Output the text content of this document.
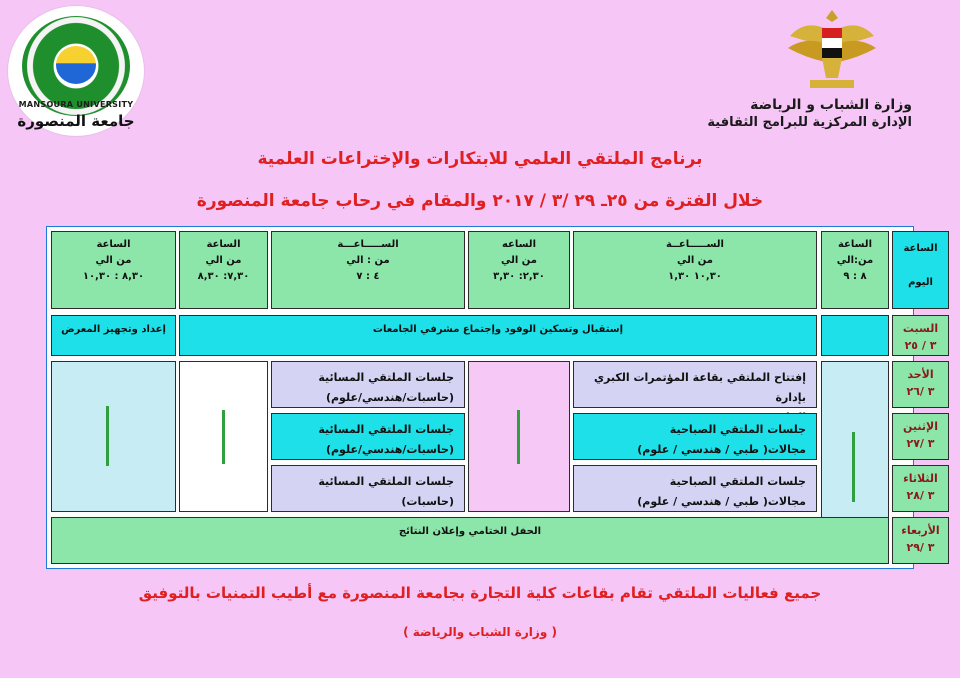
MANSOURA UNIVERSITY
جامعة المنصورة
وزارة الشباب و الرياضة
الإدارة المركزية للبرامج الثقافية
برنامج الملتقي العلمي للابتكارات والإختراعات العلمية
خلال الفترة من ٢٥ـ ٢٩ /٣ / ٢٠١٧ والمقام في رحاب جامعة المنصورة
الساعة
اليوم
الساعة
من:الي
٨ : ٩
الســـــاعــة
من الي
١٠,٣٠ ١,٣٠
الساعه
من الي
٢,٣٠: ٣,٣٠
الســـــاعـــة
من : الي
٤ : ٧
الساعة
من الي
٧,٣٠: ٨,٣٠
الساعة
من الي
٨,٣٠ : ١٠,٣٠
السبت
٣ / ٢٥
الأحد
٣ /٢٦
الإثنين
٣ /٢٧
الثلاثاء
٣ /٢٨
الأربعاء
٣ /٢٩
إستقبال وتسكين الوفود وإجتماع مشرفي الجامعات
إعداد وتجهيز المعرض
إفتتاح الملتقي بقاعة المؤتمرات الكبري بإدارة
جلسات الملتقي الصباحية
مجالات( طبي / هندسي / علوم)
جلسات الملتقي الصباحية
مجالات( طبي / هندسي / علوم)
جلسات الملتقي المسائية
(حاسبات/هندسي/علوم)
جلسات الملتقي المسائية
(حاسبات/هندسي/علوم)
جلسات الملتقي المسائية
(حاسبات)
الحفل الختامي وإعلان النتائج
جميع فعاليات الملتقي تقام بقاعات كلية التجارة بجامعة المنصورة مع أطيب التمنيات بالتوفيق
( وزارة الشباب والرياضة )
